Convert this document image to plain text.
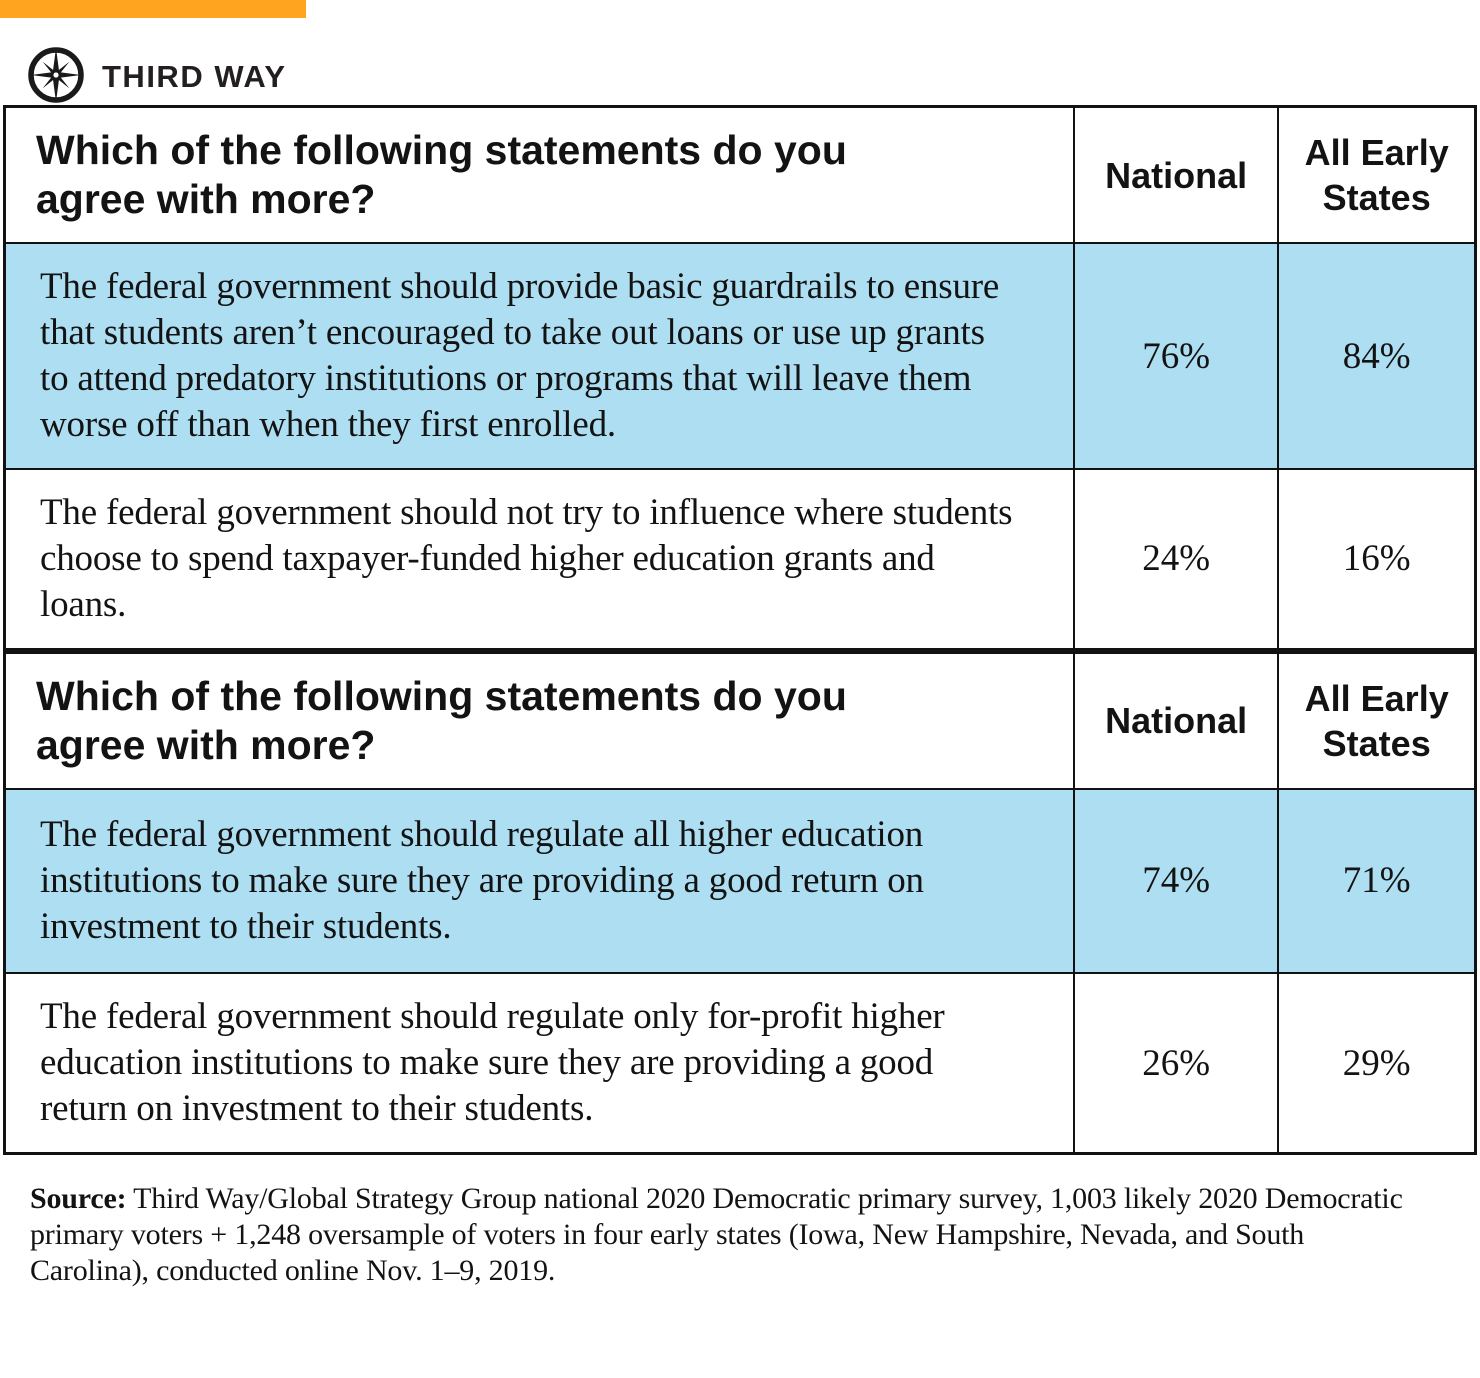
THIRD WAY
Which of the following statements do you agree with more?	National	All Early States
The federal government should provide basic guardrails to ensure that students aren’t encouraged to take out loans or use up grants to attend predatory institutions or programs that will leave them worse off than when they first enrolled.	76%	84%
The federal government should not try to influence where students choose to spend taxpayer-funded higher education grants and loans.	24%	16%
Which of the following statements do you agree with more?	National	All Early States
The federal government should regulate all higher education institutions to make sure they are providing a good return on investment to their students.	74%	71%
The federal government should regulate only for-profit higher education institutions to make sure they are providing a good return on investment to their students.	26%	29%

Source: Third Way/Global Strategy Group national 2020 Democratic primary survey, 1,003 likely 2020 Democratic primary voters + 1,248 oversample of voters in four early states (Iowa, New Hampshire, Nevada, and South Carolina), conducted online Nov. 1–9, 2019.
